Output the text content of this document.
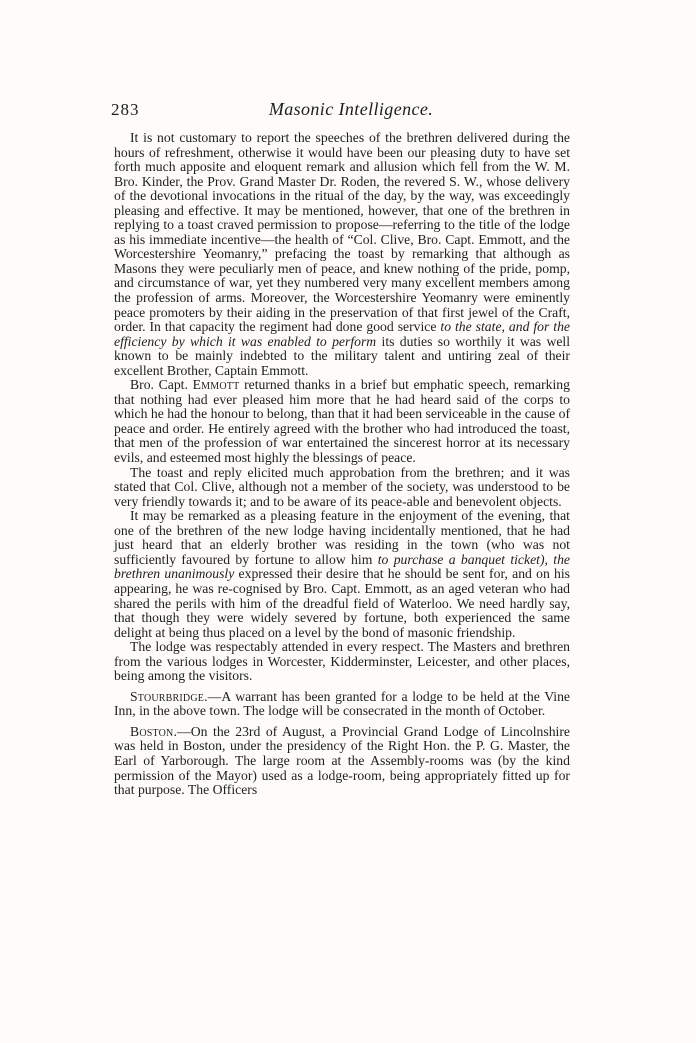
283	Masonic Intelligence.

It is not customary to report the speeches of the brethren delivered during the hours of refreshment, otherwise it would have been our pleasing duty to have set forth much apposite and eloquent remark and allusion which fell from the W. M. Bro. Kinder, the Prov. Grand Master Dr. Roden, the revered S. W., whose delivery of the devotional invocations in the ritual of the day, by the way, was exceedingly pleasing and effective. It may be mentioned, however, that one of the brethren in replying to a toast craved permission to propose—referring to the title of the lodge as his immediate incentive—the health of “Col. Clive, Bro. Capt. Emmott, and the Worcestershire Yeomanry,” prefacing the toast by remarking that although as Masons they were peculiarly men of peace, and knew nothing of the pride, pomp, and circumstance of war, yet they numbered very many excellent members among the profession of arms. Moreover, the Worcestershire Yeomanry were eminently peace promoters by their aiding in the preservation of that first jewel of the Craft, order. In that capacity the regiment had done good service to the state, and for the efficiency by which it was enabled to perform its duties so worthily it was well known to be mainly indebted to the military talent and untiring zeal of their excellent Brother, Captain Emmott.

Bro. Capt. Emmott returned thanks in a brief but emphatic speech, remarking that nothing had ever pleased him more that he had heard said of the corps to which he had the honour to belong, than that it had been serviceable in the cause of peace and order. He entirely agreed with the brother who had introduced the toast, that men of the profession of war entertained the sincerest horror at its necessary evils, and esteemed most highly the blessings of peace.

The toast and reply elicited much approbation from the brethren; and it was stated that Col. Clive, although not a member of the society, was understood to be very friendly towards it; and to be aware of its peace-able and benevolent objects.

It may be remarked as a pleasing feature in the enjoyment of the evening, that one of the brethren of the new lodge having incidentally mentioned, that he had just heard that an elderly brother was residing in the town (who was not sufficiently favoured by fortune to allow him to purchase a banquet ticket), the brethren unanimously expressed their desire that he should be sent for, and on his appearing, he was re-cognised by Bro. Capt. Emmott, as an aged veteran who had shared the perils with him of the dreadful field of Waterloo. We need hardly say, that though they were widely severed by fortune, both experienced the same delight at being thus placed on a level by the bond of masonic friendship.

The lodge was respectably attended in every respect. The Masters and brethren from the various lodges in Worcester, Kidderminster, Leicester, and other places, being among the visitors.

Stourbridge.—A warrant has been granted for a lodge to be held at the Vine Inn, in the above town. The lodge will be consecrated in the month of October.

Boston.—On the 23rd of August, a Provincial Grand Lodge of Lincolnshire was held in Boston, under the presidency of the Right Hon. the P. G. Master, the Earl of Yarborough. The large room at the Assembly-rooms was (by the kind permission of the Mayor) used as a lodge-room, being appropriately fitted up for that purpose. The Officers
